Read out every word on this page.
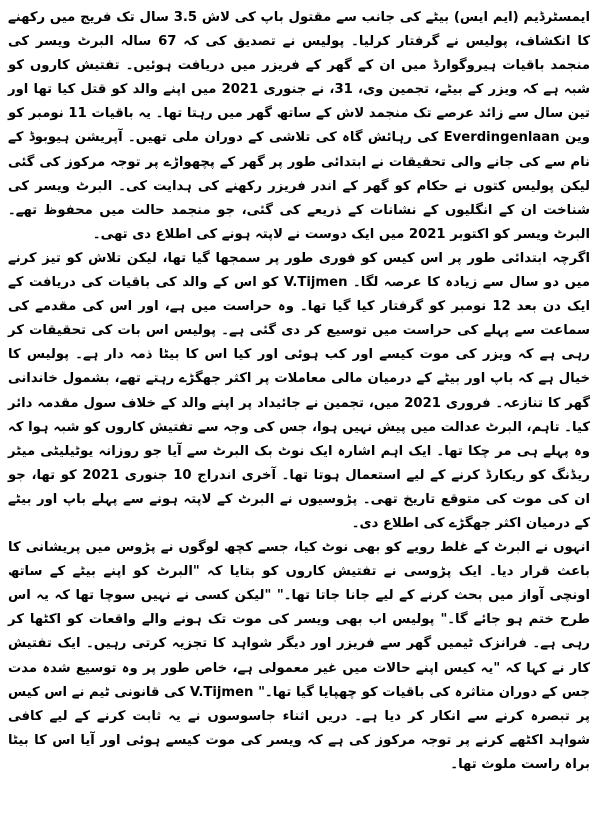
ایمسٹرڈیم (ایم ایس) بیٹے کی جانب سے مقتول باپ کی لاش 3.5 سال تک فریج میں رکھنے کا انکشاف، پولیس نے گرفتار کرلیا۔ پولیس نے تصدیق کی کہ 67 سالہ البرٹ ویسر کی منجمد باقیات ہیروگوارڈ میں ان کے گھر کے فریزر میں دریافت ہوئیں۔ تفتیش کاروں کو شبہ ہے کہ ویزر کے بیٹے، تجمین وی، 31، نے جنوری 2021 میں اپنے والد کو قتل کیا تھا اور تین سال سے زائد عرصے تک منجمد لاش کے ساتھ گھر میں رہتا تھا۔ یہ باقیات 11 نومبر کو وین Everdingenlaan کی رہائش گاہ کی تلاشی کے دوران ملی تھیں۔ آپریشن ہیوبوڈ کے نام سے کی جانے والی تحقیقات نے ابتدائی طور پر گھر کے پچھواڑے پر توجہ مرکوز کی گئی لیکن پولیس کتوں نے حکام کو گھر کے اندر فریزر رکھنے کی ہدایت کی۔ البرٹ ویسر کی شناخت ان کے انگلیوں کے نشانات کے ذریعے کی گئی، جو منجمد حالت میں محفوظ تھے۔ البرٹ ویسر کو اکتوبر 2021 میں ایک دوست نے لاپتہ ہونے کی اطلاع دی تھی۔

اگرچہ ابتدائی طور پر اس کیس کو فوری طور پر سمجھا گیا تھا، لیکن تلاش کو تیز کرنے میں دو سال سے زیادہ کا عرصہ لگا۔ V.Tijmen کو اس کے والد کی باقیات کی دریافت کے ایک دن بعد 12 نومبر کو گرفتار کیا گیا تھا۔ وہ حراست میں ہے، اور اس کی مقدمے کی سماعت سے پہلے کی حراست میں توسیع کر دی گئی ہے۔ پولیس اس بات کی تحقیقات کر رہی ہے کہ ویزر کی موت کیسے اور کب ہوئی اور کیا اس کا بیٹا ذمہ دار ہے۔ پولیس کا خیال ہے کہ باپ اور بیٹے کے درمیان مالی معاملات پر اکثر جھگڑے رہتے تھے، بشمول خاندانی گھر کا تنازعہ۔ فروری 2021 میں، تجمین نے جائیداد پر اپنے والد کے خلاف سول مقدمہ دائر کیا۔ تاہم، البرٹ عدالت میں پیش نہیں ہوا، جس کی وجہ سے تفتیش کاروں کو شبہ ہوا کہ وہ پہلے ہی مر چکا تھا۔ ایک اہم اشارہ ایک نوٹ بک البرٹ سے آیا جو روزانہ یوٹیلیٹی میٹر ریڈنگ کو ریکارڈ کرنے کے لیے استعمال ہوتا تھا۔ آخری اندراج 10 جنوری 2021 کو تھا، جو ان کی موت کی متوقع تاریخ تھی۔ پڑوسیوں نے البرٹ کے لاپتہ ہونے سے پہلے باپ اور بیٹے کے درمیان اکثر جھگڑے کی اطلاع دی۔

انہوں نے البرٹ کے غلط رویے کو بھی نوٹ کیا، جسے کچھ لوگوں نے پڑوس میں پریشانی کا باعث قرار دیا۔ ایک پڑوسی نے تفتیش کاروں کو بتایا کہ "البرٹ کو اپنے بیٹے کے ساتھ اونچی آواز میں بحث کرنے کے لیے جانا جاتا تھا۔" "لیکن کسی نے نہیں سوچا تھا کہ یہ اس طرح ختم ہو جائے گا۔" پولیس اب بھی ویسر کی موت تک ہونے والے واقعات کو اکٹھا کر رہی ہے۔ فرانزک ٹیمیں گھر سے فریزر اور دیگر شواہد کا تجزیہ کرتی رہیں۔ ایک تفتیش کار نے کہا کہ "یہ کیس اپنے حالات میں غیر معمولی ہے، خاص طور پر وہ توسیع شدہ مدت جس کے دوران متاثرہ کی باقیات کو چھپایا گیا تھا۔" V.Tijmen کی قانونی ٹیم نے اس کیس پر تبصرہ کرنے سے انکار کر دیا ہے۔ دریں اثناء جاسوسوں نے یہ ثابت کرنے کے لیے کافی شواہد اکٹھے کرنے پر توجہ مرکوز کی ہے کہ ویسر کی موت کیسے ہوئی اور آیا اس کا بیٹا براہ راست ملوث تھا۔
